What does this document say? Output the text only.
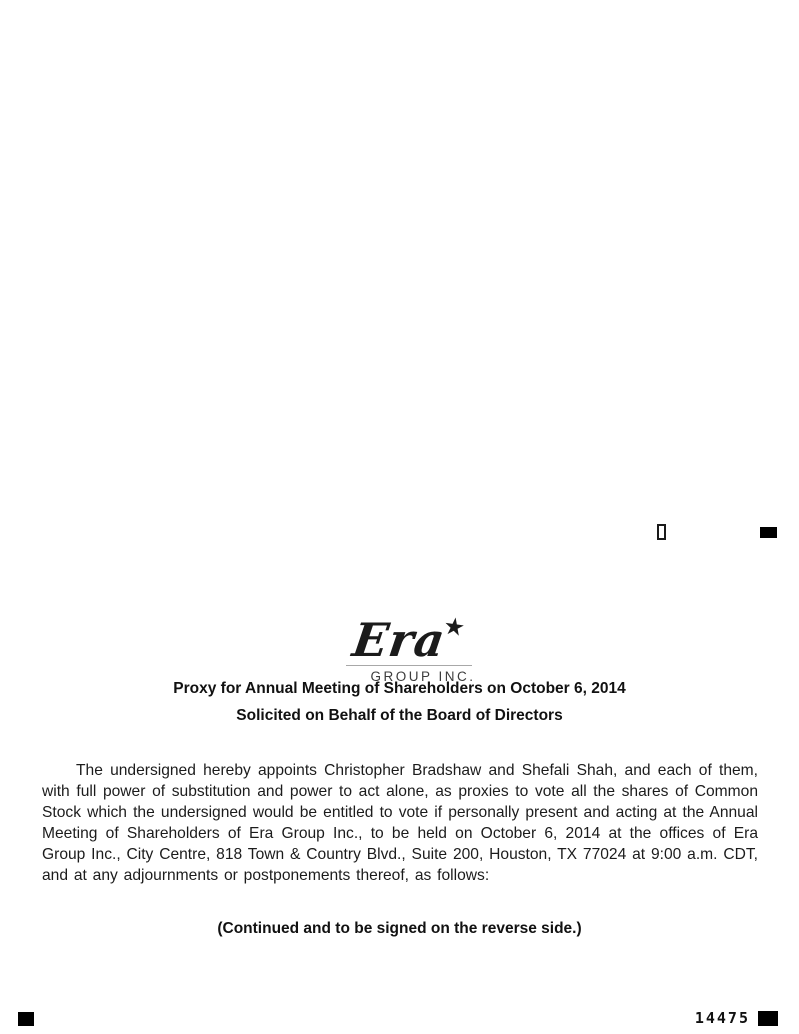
Era★
GROUP INC.
Proxy for Annual Meeting of Shareholders on October 6, 2014
Solicited on Behalf of the Board of Directors
The undersigned hereby appoints Christopher Bradshaw and Shefali Shah, and each of them, with full power of substitution and power to act alone, as proxies to vote all the shares of Common Stock which the undersigned would be entitled to vote if personally present and acting at the Annual Meeting of Shareholders of Era Group Inc., to be held on October 6, 2014 at the offices of Era Group Inc., City Centre, 818 Town & Country Blvd., Suite 200, Houston, TX 77024 at 9:00 a.m. CDT, and at any adjournments or postponements thereof, as follows:
(Continued and to be signed on the reverse side.)
14475
